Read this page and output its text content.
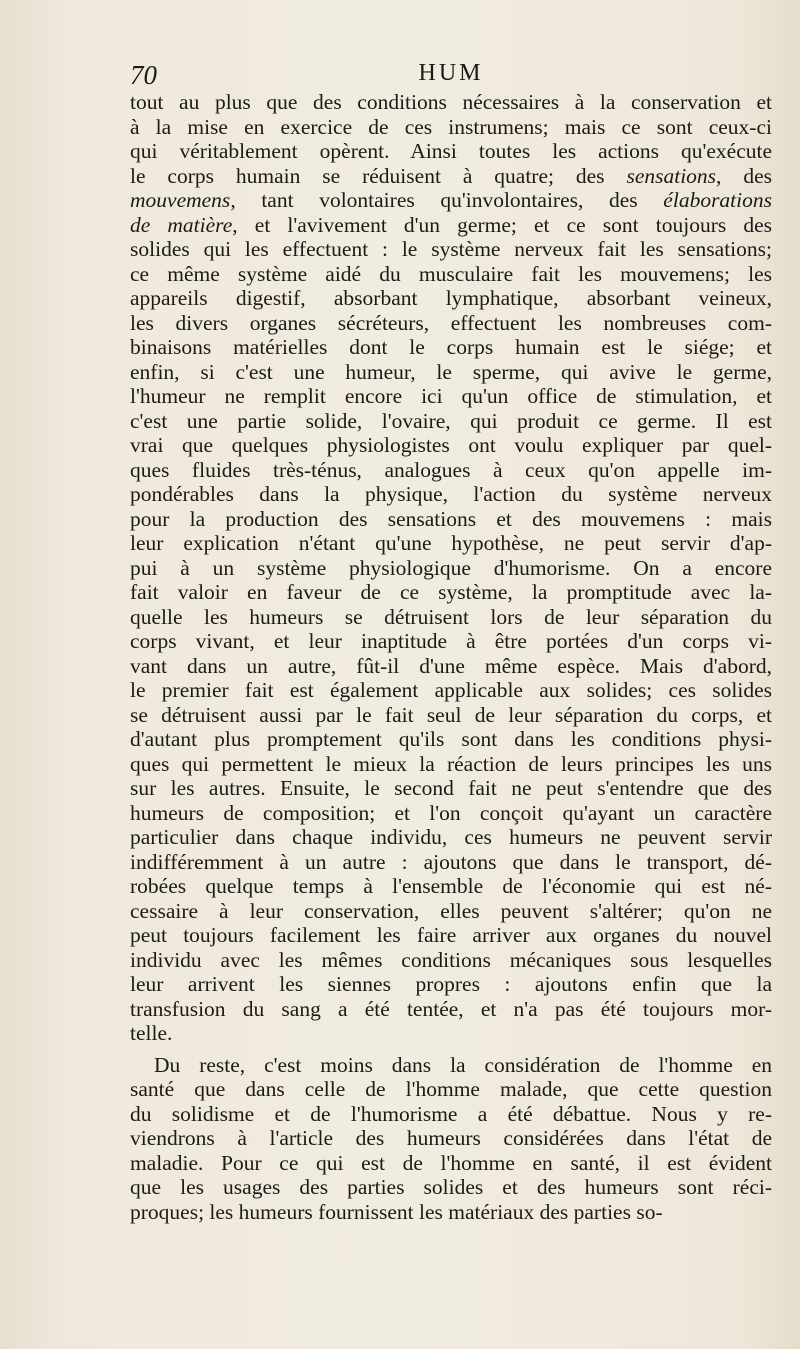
70	HUM
tout au plus que des conditions nécessaires à la conservation et
à la mise en exercice de ces instrumens; mais ce sont ceux-ci
qui véritablement opèrent. Ainsi toutes les actions qu'exécute
le corps humain se réduisent à quatre; des sensations, des
mouvemens, tant volontaires qu'involontaires, des élaborations
de matière, et l'avivement d'un germe; et ce sont toujours des
solides qui les effectuent : le système nerveux fait les sensations;
ce même système aidé du musculaire fait les mouvemens; les
appareils digestif, absorbant lymphatique, absorbant veineux,
les divers organes sécréteurs, effectuent les nombreuses com-
binaisons matérielles dont le corps humain est le siége; et
enfin, si c'est une humeur, le sperme, qui avive le germe,
l'humeur ne remplit encore ici qu'un office de stimulation, et
c'est une partie solide, l'ovaire, qui produit ce germe. Il est
vrai que quelques physiologistes ont voulu expliquer par quel-
ques fluides très-ténus, analogues à ceux qu'on appelle im-
pondérables dans la physique, l'action du système nerveux
pour la production des sensations et des mouvemens : mais
leur explication n'étant qu'une hypothèse, ne peut servir d'ap-
pui à un système physiologique d'humorisme. On a encore
fait valoir en faveur de ce système, la promptitude avec la-
quelle les humeurs se détruisent lors de leur séparation du
corps vivant, et leur inaptitude à être portées d'un corps vi-
vant dans un autre, fût-il d'une même espèce. Mais d'abord,
le premier fait est également applicable aux solides; ces solides
se détruisent aussi par le fait seul de leur séparation du corps, et
d'autant plus promptement qu'ils sont dans les conditions physi-
ques qui permettent le mieux la réaction de leurs principes les uns
sur les autres. Ensuite, le second fait ne peut s'entendre que des
humeurs de composition; et l'on conçoit qu'ayant un caractère
particulier dans chaque individu, ces humeurs ne peuvent servir
indifféremment à un autre : ajoutons que dans le transport, dé-
robées quelque temps à l'ensemble de l'économie qui est né-
cessaire à leur conservation, elles peuvent s'altérer; qu'on ne
peut toujours facilement les faire arriver aux organes du nouvel
individu avec les mêmes conditions mécaniques sous lesquelles
leur arrivent les siennes propres : ajoutons enfin que la
transfusion du sang a été tentée, et n'a pas été toujours mor-
telle.
Du reste, c'est moins dans la considération de l'homme en
santé que dans celle de l'homme malade, que cette question
du solidisme et de l'humorisme a été débattue. Nous y re-
viendrons à l'article des humeurs considérées dans l'état de
maladie. Pour ce qui est de l'homme en santé, il est évident
que les usages des parties solides et des humeurs sont réci-
proques; les humeurs fournissent les matériaux des parties so-
